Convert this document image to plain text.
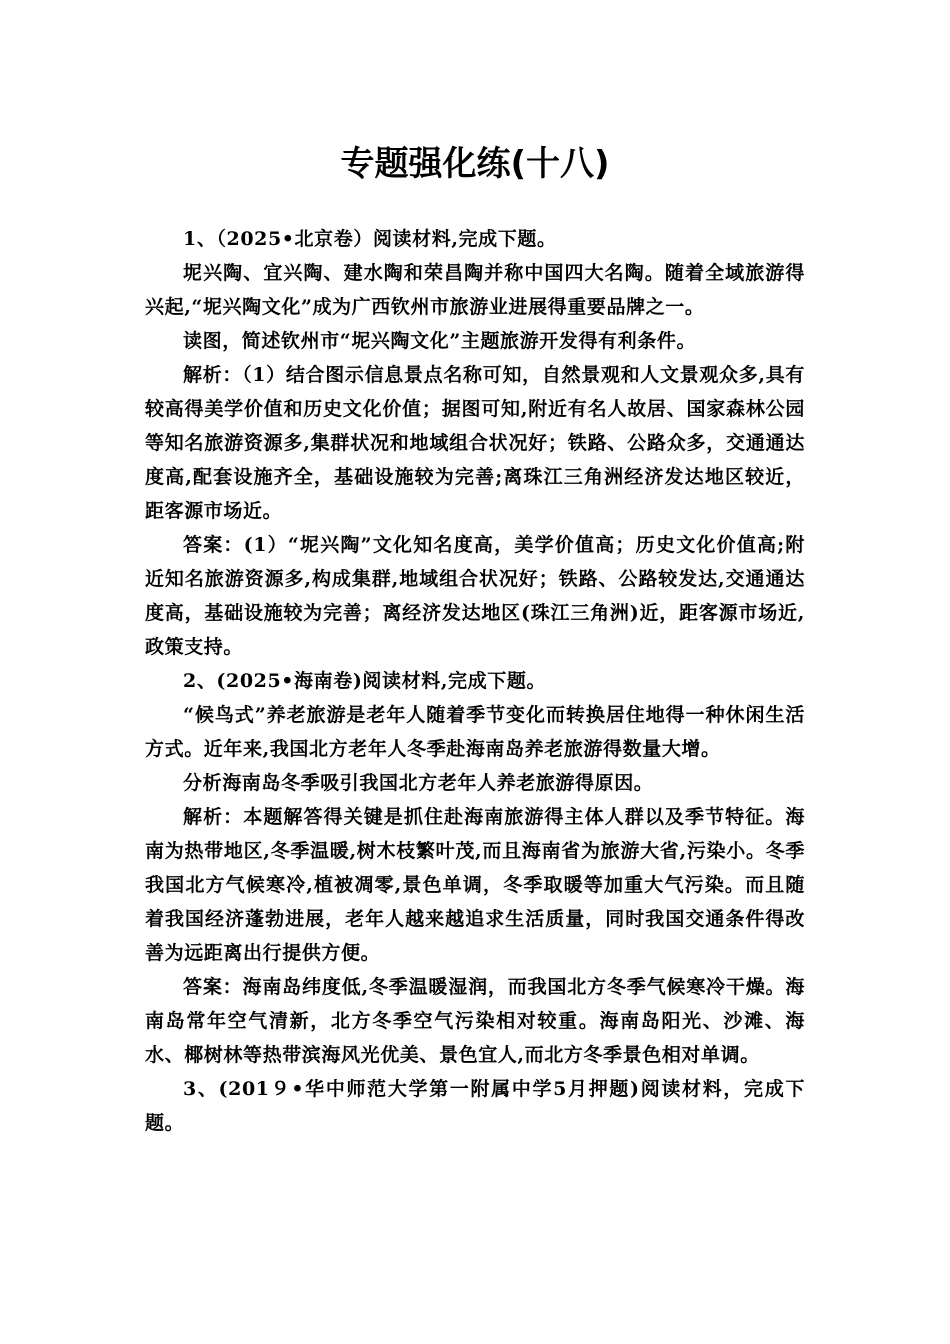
专题强化练(十八)

1、（2025•北京卷）阅读材料,完成下题。

坭兴陶、宜兴陶、建水陶和荣昌陶并称中国四大名陶。随着全域旅游得兴起,“坭兴陶文化”成为广西钦州市旅游业进展得重要品牌之一。

读图，简述钦州市“坭兴陶文化”主题旅游开发得有利条件。

解析：（1）结合图示信息景点名称可知，自然景观和人文景观众多,具有较高得美学价值和历史文化价值；据图可知,附近有名人故居、国家森林公园等知名旅游资源多,集群状况和地域组合状况好；铁路、公路众多，交通通达度高,配套设施齐全，基础设施较为完善;离珠江三角洲经济发达地区较近，距客源市场近。

答案：(1）“坭兴陶”文化知名度高，美学价值高；历史文化价值高;附近知名旅游资源多,构成集群,地域组合状况好；铁路、公路较发达,交通通达度高，基础设施较为完善；离经济发达地区(珠江三角洲)近，距客源市场近,政策支持。

2、(2025•海南卷)阅读材料,完成下题。

“候鸟式”养老旅游是老年人随着季节变化而转换居住地得一种休闲生活方式。近年来,我国北方老年人冬季赴海南岛养老旅游得数量大增。

分析海南岛冬季吸引我国北方老年人养老旅游得原因。

解析：本题解答得关键是抓住赴海南旅游得主体人群以及季节特征。海南为热带地区,冬季温暖,树木枝繁叶茂,而且海南省为旅游大省,污染小。冬季我国北方气候寒冷,植被凋零,景色单调，冬季取暖等加重大气污染。而且随着我国经济蓬勃进展，老年人越来越追求生活质量，同时我国交通条件得改善为远距离出行提供方便。

答案：海南岛纬度低,冬季温暖湿润，而我国北方冬季气候寒冷干燥。海南岛常年空气清新，北方冬季空气污染相对较重。海南岛阳光、沙滩、海水、椰树林等热带滨海风光优美、景色宜人,而北方冬季景色相对单调。

3、(201９•华中师范大学第一附属中学5月押题)阅读材料，完成下题。
